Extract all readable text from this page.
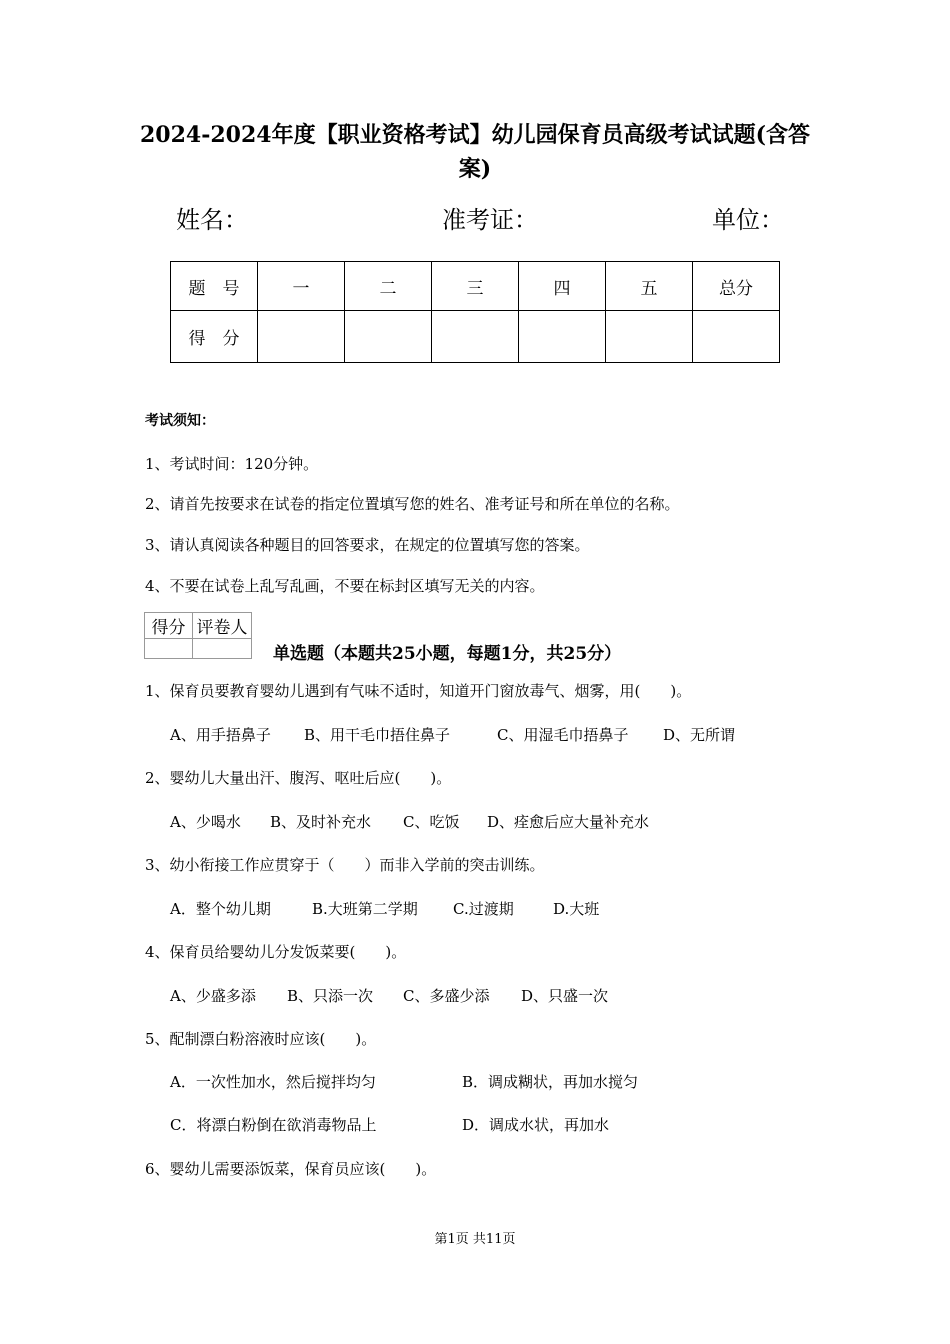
2024-2024年度【职业资格考试】幼儿园保育员高级考试试题(含答
案)
姓名：	准考证：	单位：
题　号	一	二	三	四	五	总分
得　分						
考试须知：
1、考试时间：120分钟。
2、请首先按要求在试卷的指定位置填写您的姓名、准考证号和所在单位的名称。
3、请认真阅读各种题目的回答要求，在规定的位置填写您的答案。
4、不要在试卷上乱写乱画，不要在标封区填写无关的内容。
得分	评卷人

单选题（本题共25小题，每题1分，共25分）
1、保育员要教育婴幼儿遇到有气味不适时，知道开门窗放毒气、烟雾，用(　　)。
A、用手捂鼻子 B、用干毛巾捂住鼻子	C、用湿毛巾捂鼻子 D、无所谓
2、婴幼儿大量出汗、腹泻、呕吐后应(　　)。
A、少喝水 B、及时补充水 C、吃饭 D、痊愈后应大量补充水
3、幼小衔接工作应贯穿于（　　）而非入学前的突击训练。
A．整个幼儿期	B.大班第二学期 C.过渡期	D.大班
4、保育员给婴幼儿分发饭菜要(　　)。
A、少盛多添 B、只添一次 C、多盛少添 D、只盛一次
5、配制漂白粉溶液时应该(　　)。
A．一次性加水，然后搅拌均匀	B．调成糊状，再加水搅匀
C．将漂白粉倒在欲消毒物品上	D．调成水状，再加水
6、婴幼儿需要添饭菜，保育员应该(　　)。
第1页 共11页
